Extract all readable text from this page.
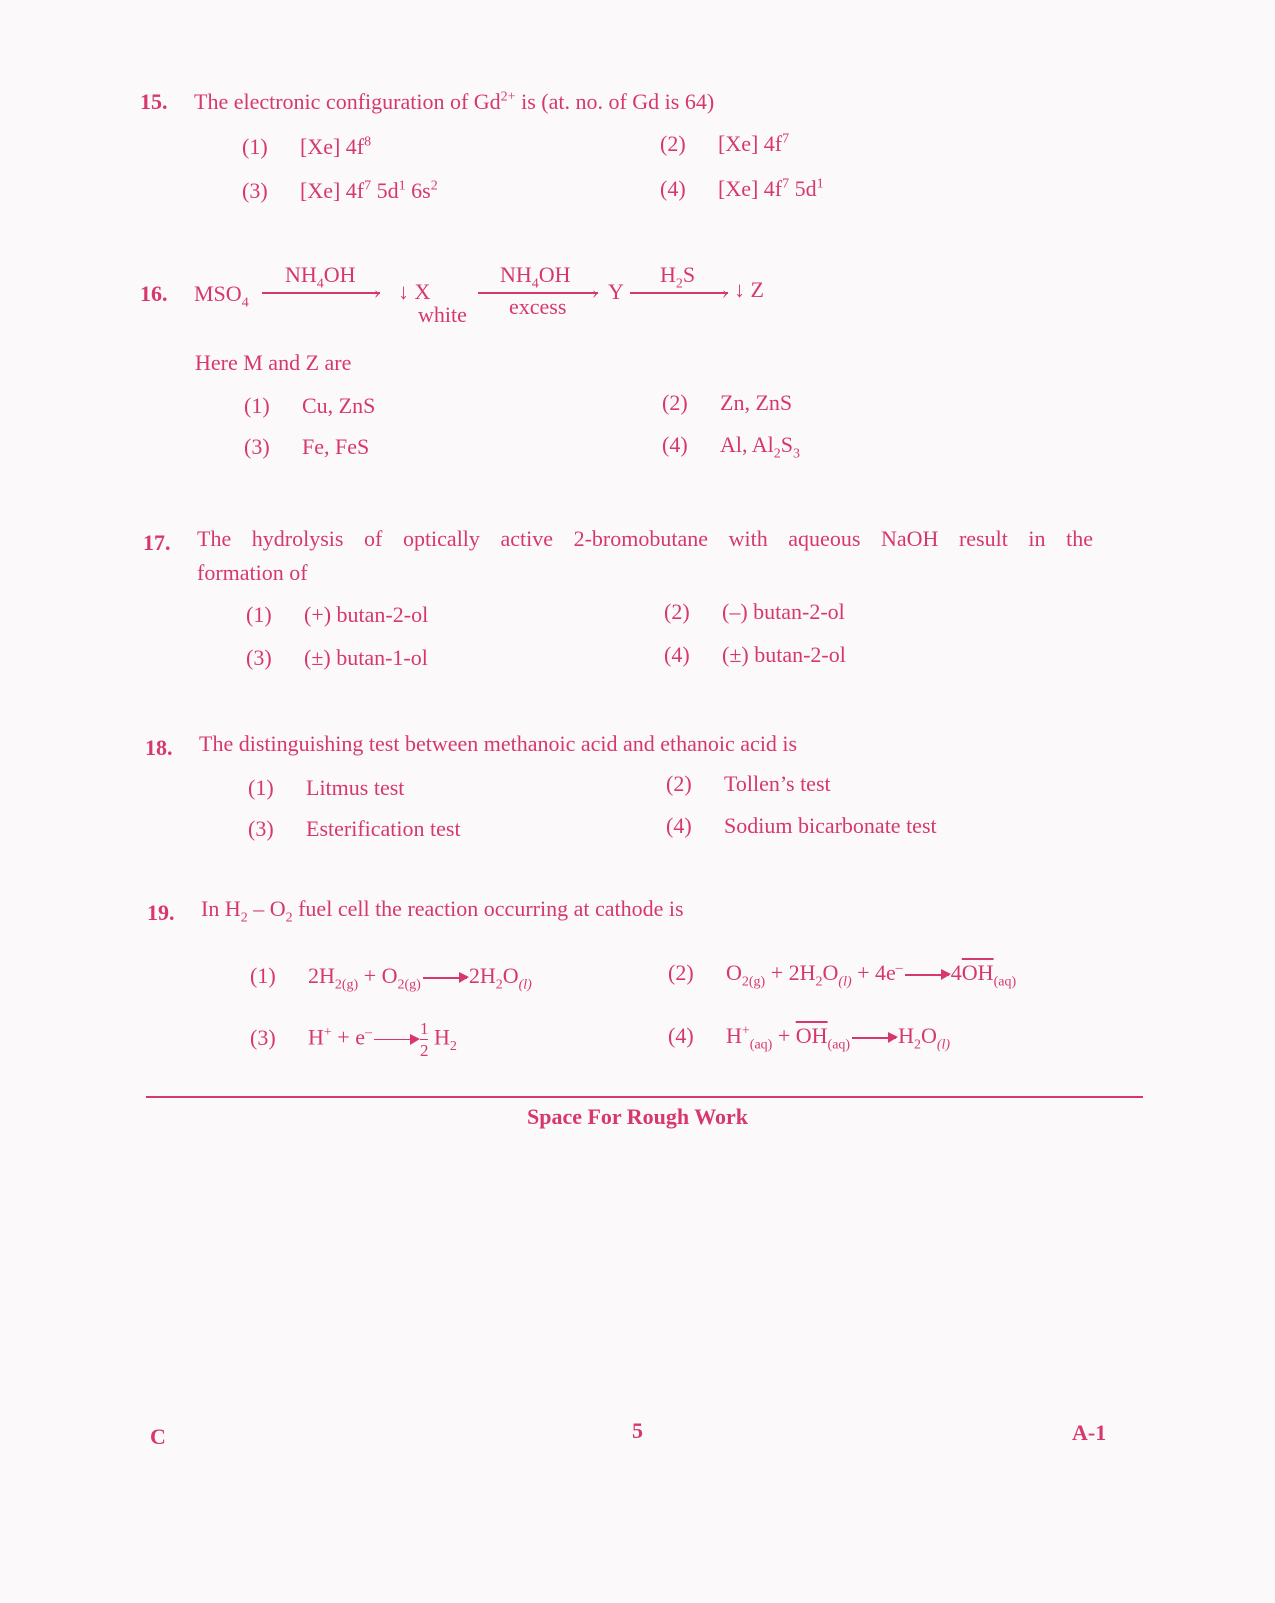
15. The electronic configuration of $Gd^{2+}$ is (at. no. of Gd is 64)
(1) [Xe] $4f^8$	(2) [Xe] $4f^7$
(3) [Xe] $4f^7$ $5d^1$ $6s^2$	(4) [Xe] $4f^7$ $5d^1$
16. $MSO_4$
$NH_4OH$
› ↓ X
white
$NH_4OH$
›
excess
Y
$H_2S$
› ↓ Z
Here M and Z are
(1) Cu, ZnS	(2) Zn, ZnS
(3) Fe, FeS	(4) Al, $Al_2S_3$
17. The hydrolysis of optically active 2-bromobutane with aqueous NaOH result in the
formation of
(1) (+) butan-2-ol	(2) (–) butan-2-ol
(3) (±) butan-1-ol	(4) (±) butan-2-ol
18. The distinguishing test between methanoic acid and ethanoic acid is
(1) Litmus test	(2) Tollen’s test
(3) Esterification test	(4) Sodium bicarbonate test
19. In $H_2 - O_2$ fuel cell the reaction occurring at cathode is
(1) $2H_{2(g)} + O_{2(g)}$ $2H_2O_{(l)}$	(2) $O_{2(g)} + 2H_2O_{(l)} + 4e^-$ $4\overline{OH}_{(aq)}$
(3) H+ + e–	$\frac{1}{2} H_2$	(4) $H^+_{(aq)} + \overline{OH}_{(aq)}$ $H_2O_{(l)}$
Space For Rough Work
C	5	A-1
